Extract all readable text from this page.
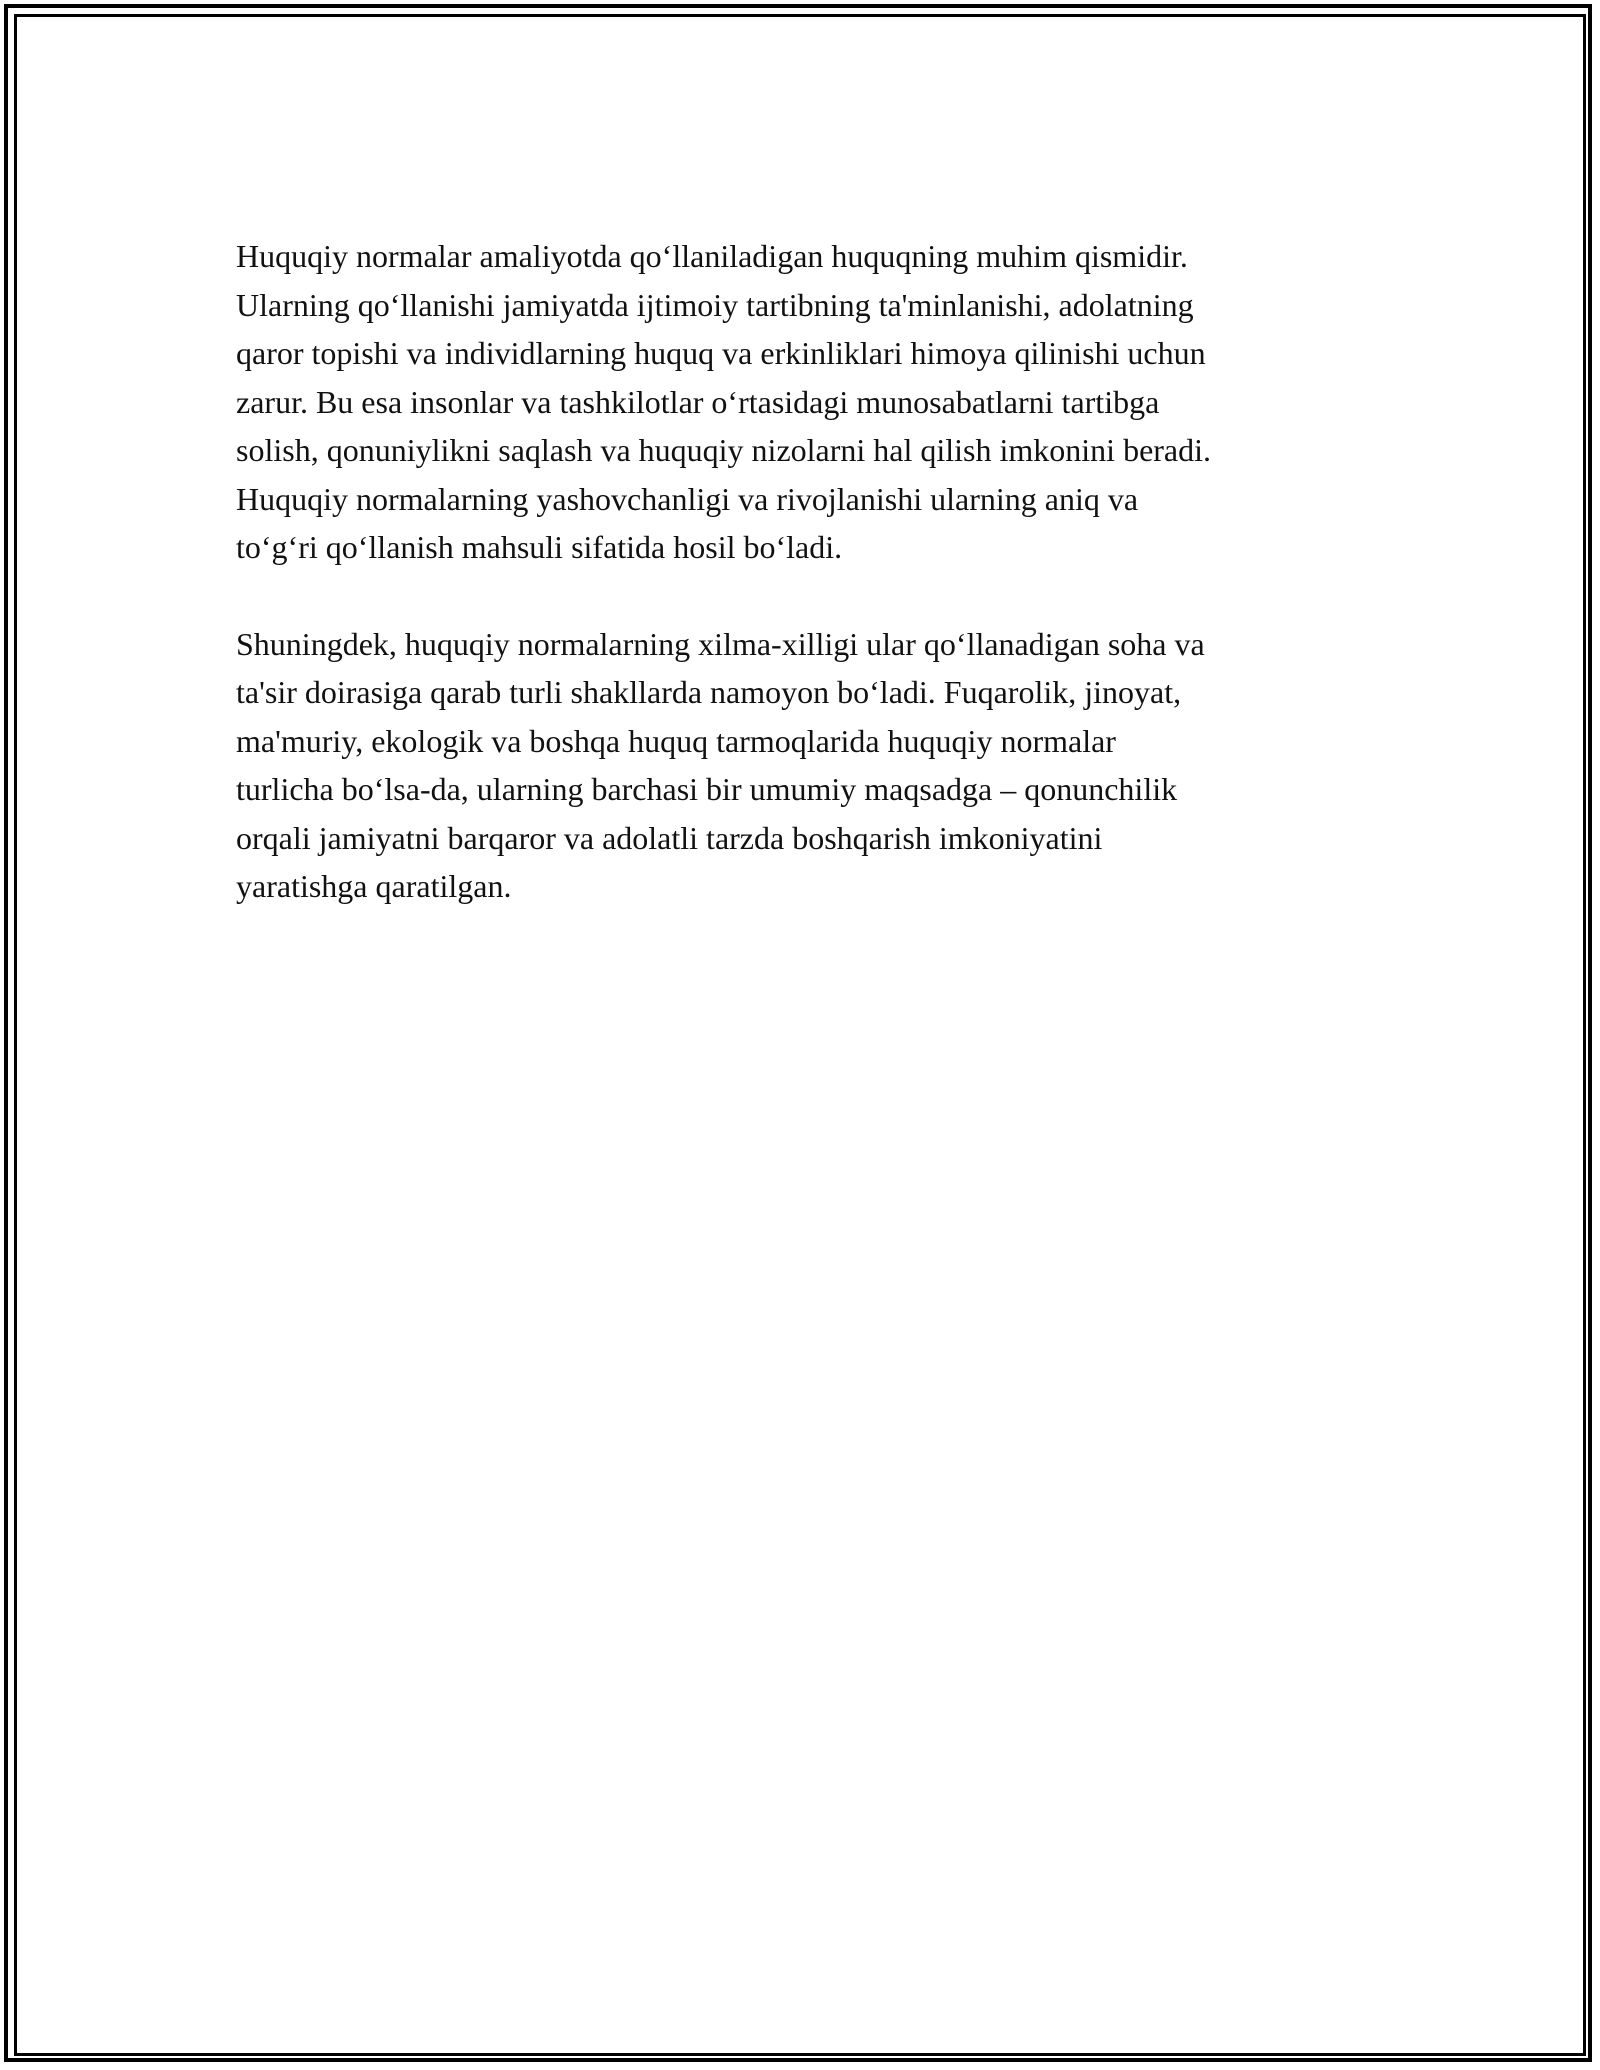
Huquqiy normalar amaliyotda qo‘llaniladigan huquqning muhim qismidir.
Ularning qo‘llanishi jamiyatda ijtimoiy tartibning ta'minlanishi, adolatning
qaror topishi va individlarning huquq va erkinliklari himoya qilinishi uchun
zarur. Bu esa insonlar va tashkilotlar o‘rtasidagi munosabatlarni tartibga
solish, qonuniylikni saqlash va huquqiy nizolarni hal qilish imkonini beradi.
Huquqiy normalarning yashovchanligi va rivojlanishi ularning aniq va
to‘g‘ri qo‘llanish mahsuli sifatida hosil bo‘ladi.

Shuningdek, huquqiy normalarning xilma-xilligi ular qo‘llanadigan soha va
ta'sir doirasiga qarab turli shakllarda namoyon bo‘ladi. Fuqarolik, jinoyat,
ma'muriy, ekologik va boshqa huquq tarmoqlarida huquqiy normalar
turlicha bo‘lsa-da, ularning barchasi bir umumiy maqsadga – qonunchilik
orqali jamiyatni barqaror va adolatli tarzda boshqarish imkoniyatini
yaratishga qaratilgan.
